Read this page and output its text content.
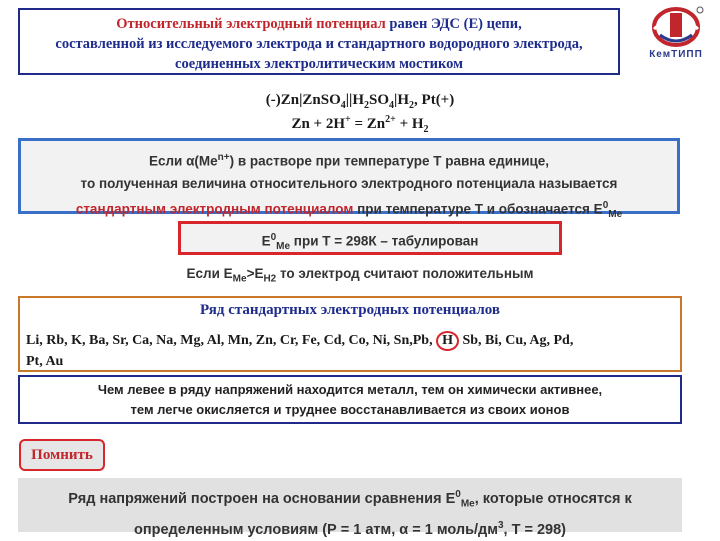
Относительный электродный потенциал равен ЭДС (Е) цепи,
составленной из исследуемого электрода и стандартного водородного электрода,
соединенных электролитическим мостиком
КемТИПП
$(-)Zn|ZnSO_4||H_2SO_4|H_2$, Pt(+)
$Zn + 2H^+ = Zn^{2+} + H_2$
Если $\alpha(Me^{n+})$ в растворе при температуре Т равна единице,
то полученная величина относительного электродного потенциала называется
стандартным электродным потенциалом при температуре Т и обозначается $E^0_{Me}$
$E^0_{Me}$ при Т = 298К – табулирован
Если $E_{Me}>E_{H2}$ то электрод считают положительным
Ряд стандартных электродных потенциалов
Li, Rb, K, Ba, Sr, Ca, Na, Mg, Al, Mn, Zn, Cr, Fe, Cd, Co, Ni, Sn,Pb, H Sb, Bi, Cu, Ag, Pd,
Pt, Au
Чем левее в ряду напряжений находится металл, тем он химически активнее,
тем легче окисляется и труднее восстанавливается из своих ионов
Помнить
Ряд напряжений построен на основании сравнения $E^0_{Me}$, которые относятся к
определенным условиям (Р = 1 атм, α = 1 моль/$дм^3$, Т = 298)
